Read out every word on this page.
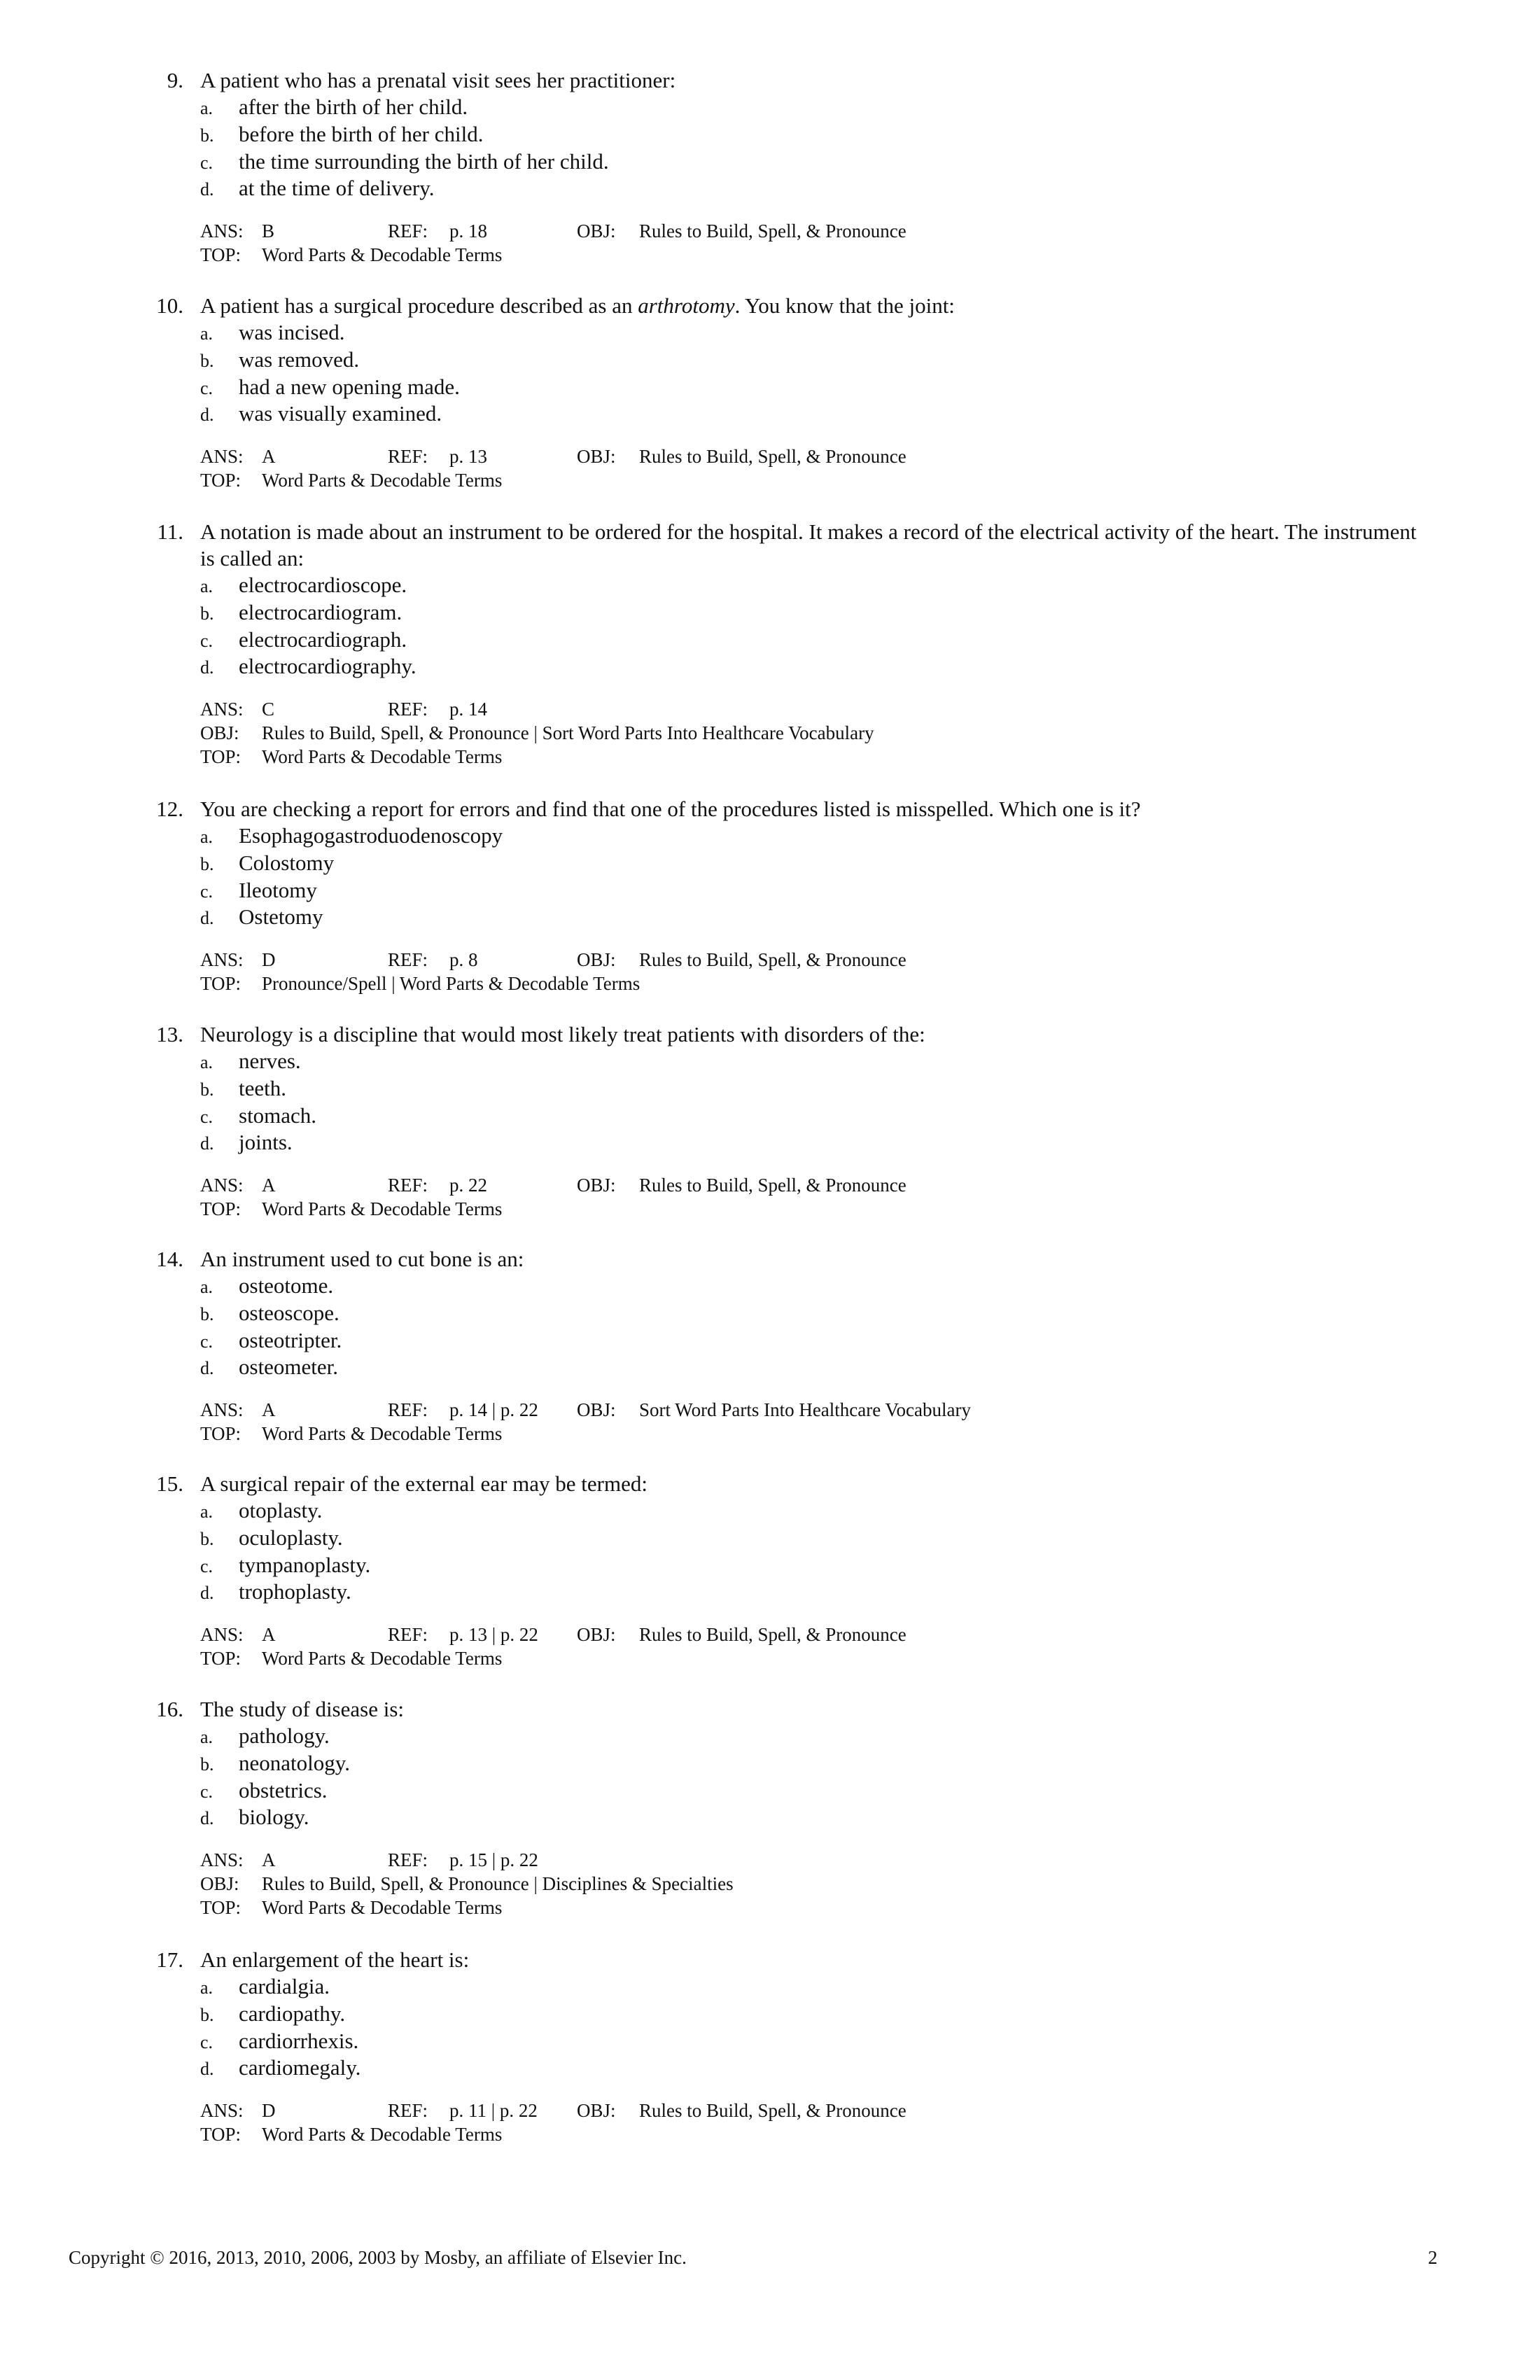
9. A patient who has a prenatal visit sees her practitioner:
a. after the birth of her child.
b. before the birth of her child.
c. the time surrounding the birth of her child.
d. at the time of delivery.
ANS: B	REF: p. 18	OBJ: Rules to Build, Spell, & Pronounce
TOP: Word Parts & Decodable Terms
10. A patient has a surgical procedure described as an arthrotomy. You know that the joint:
a. was incised.
b. was removed.
c. had a new opening made.
d. was visually examined.
ANS: A	REF: p. 13	OBJ: Rules to Build, Spell, & Pronounce
TOP: Word Parts & Decodable Terms
11. A notation is made about an instrument to be ordered for the hospital. It makes a record of the electrical activity of the heart. The instrument is called an:
a. electrocardioscope.
b. electrocardiogram.
c. electrocardiograph.
d. electrocardiography.
ANS: C	REF: p. 14
OBJ: Rules to Build, Spell, & Pronounce | Sort Word Parts Into Healthcare Vocabulary
TOP: Word Parts & Decodable Terms
12. You are checking a report for errors and find that one of the procedures listed is misspelled. Which one is it?
a. Esophagogastroduodenoscopy
b. Colostomy
c. Ileotomy
d. Ostetomy
ANS: D	REF: p. 8	OBJ: Rules to Build, Spell, & Pronounce
TOP: Pronounce/Spell | Word Parts & Decodable Terms
13. Neurology is a discipline that would most likely treat patients with disorders of the:
a. nerves.
b. teeth.
c. stomach.
d. joints.
ANS: A	REF: p. 22	OBJ: Rules to Build, Spell, & Pronounce
TOP: Word Parts & Decodable Terms
14. An instrument used to cut bone is an:
a. osteotome.
b. osteoscope.
c. osteotripter.
d. osteometer.
ANS: A	REF: p. 14 | p. 22 OBJ: Sort Word Parts Into Healthcare Vocabulary
TOP: Word Parts & Decodable Terms
15. A surgical repair of the external ear may be termed:
a. otoplasty.
b. oculoplasty.
c. tympanoplasty.
d. trophoplasty.
ANS: A	REF: p. 13 | p. 22 OBJ: Rules to Build, Spell, & Pronounce
TOP: Word Parts & Decodable Terms
16. The study of disease is:
a. pathology.
b. neonatology.
c. obstetrics.
d. biology.
ANS: A	REF: p. 15 | p. 22
OBJ: Rules to Build, Spell, & Pronounce | Disciplines & Specialties
TOP: Word Parts & Decodable Terms
17. An enlargement of the heart is:
a. cardialgia.
b. cardiopathy.
c. cardiorrhexis.
d. cardiomegaly.
ANS: D	REF: p. 11 | p. 22 OBJ: Rules to Build, Spell, & Pronounce
TOP: Word Parts & Decodable Terms
Copyright © 2016, 2013, 2010, 2006, 2003 by Mosby, an affiliate of Elsevier Inc.	2
